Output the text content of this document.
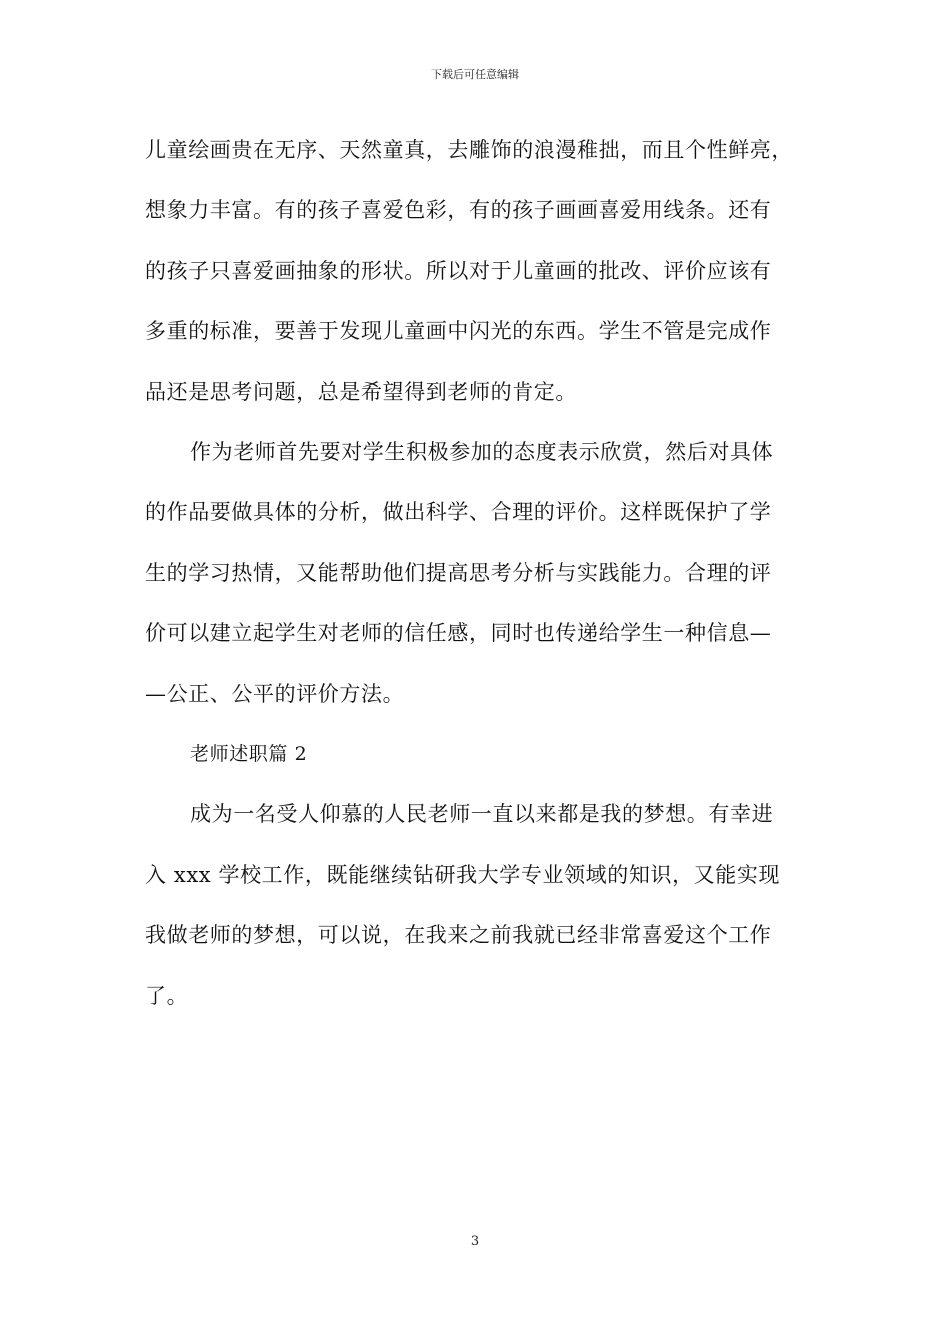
下载后可任意编辑

儿童绘画贵在无序、天然童真，去雕饰的浪漫稚拙，而且个性鲜亮，
想象力丰富。有的孩子喜爱色彩，有的孩子画画喜爱用线条。还有
的孩子只喜爱画抽象的形状。所以对于儿童画的批改、评价应该有
多重的标准，要善于发现儿童画中闪光的东西。学生不管是完成作
品还是思考问题，总是希望得到老师的肯定。

作为老师首先要对学生积极参加的态度表示欣赏，然后对具体
的作品要做具体的分析，做出科学、合理的评价。这样既保护了学
生的学习热情，又能帮助他们提高思考分析与实践能力。合理的评
价可以建立起学生对老师的信任感，同时也传递给学生一种信息—
—公正、公平的评价方法。

老师述职篇 2

成为一名受人仰慕的人民老师一直以来都是我的梦想。有幸进
入 xxx 学校工作，既能继续钻研我大学专业领域的知识，又能实现
我做老师的梦想，可以说，在我来之前我就已经非常喜爱这个工作
了。

3
